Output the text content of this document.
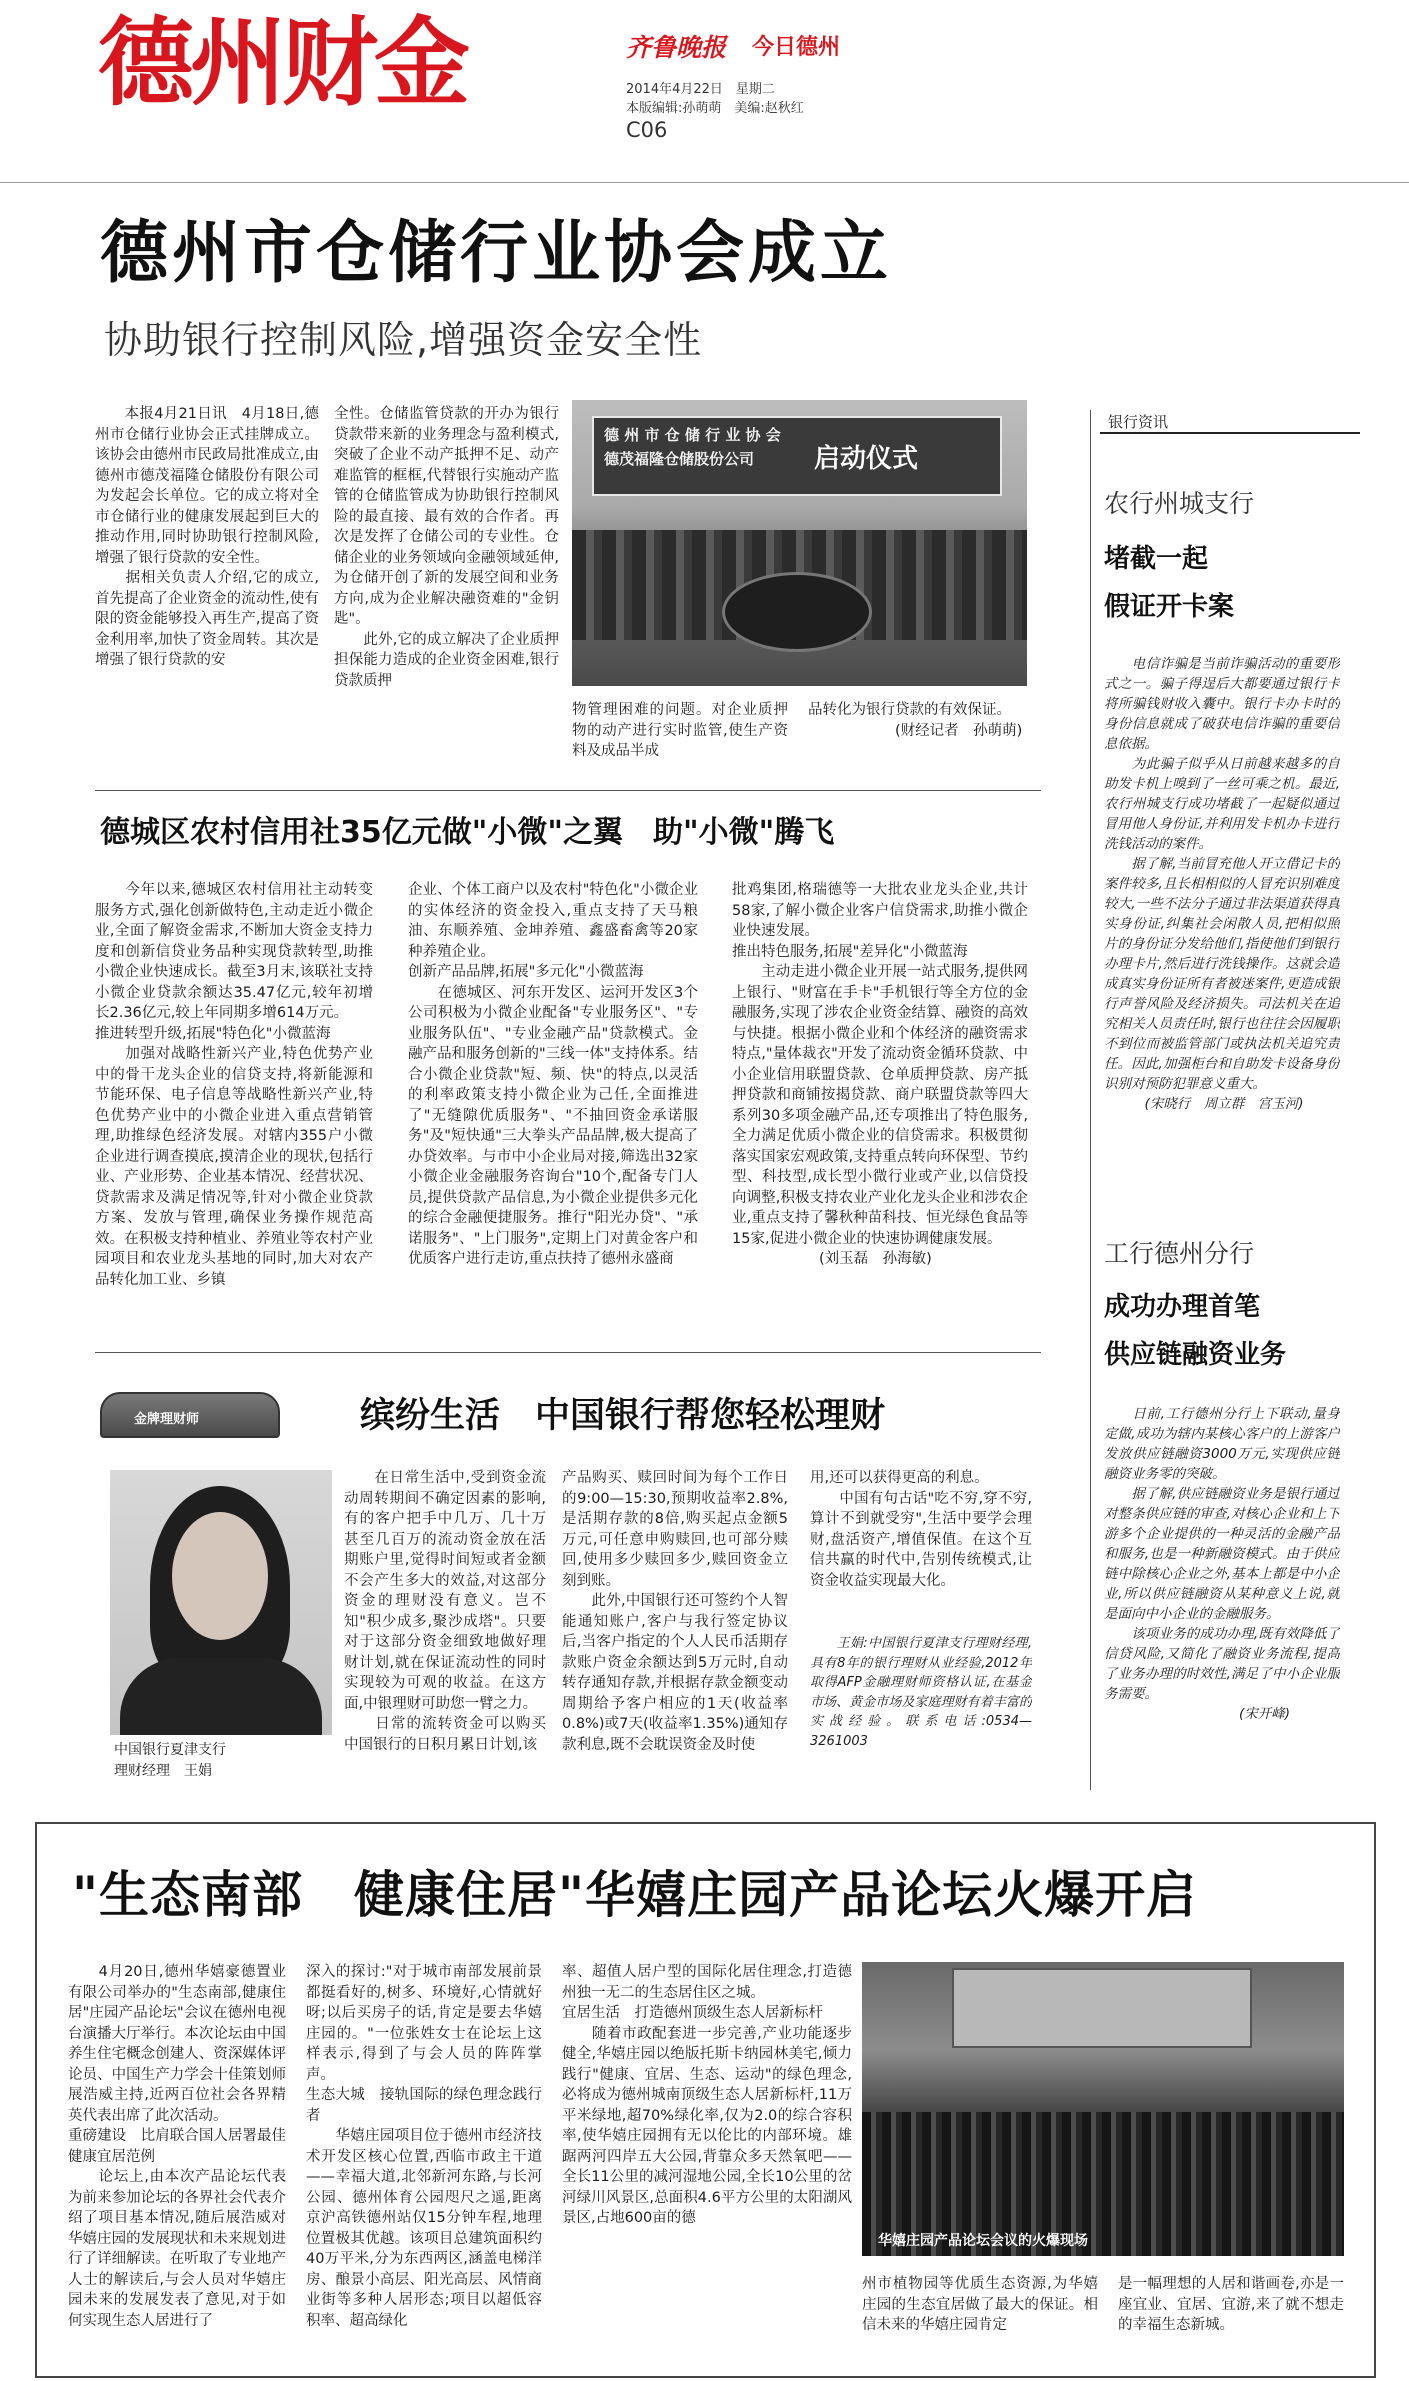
德州财金	齐鲁晚报 今日德州
2014年4月22日　星期二
本版编辑:孙萌萌　美编:赵秋红
C06
德州市仓储行业协会成立
协助银行控制风险,增强资金安全性
　　本报4月21日讯　4月18日,德州市仓储行业协会正式挂牌成立。该协会由德州市民政局批准成立,由德州市德茂福隆仓储股份有限公司为发起会长单位。它的成立将对全市仓储行业的健康发展起到巨大的推动作用,同时协助银行控制风险,增强了银行贷款的安全性。
　　据相关负责人介绍,它的成立,首先提高了企业资金的流动性,使有限的资金能够投入再生产,提高了资金利用率,加快了资金周转。其次是增强了银行贷款的安
全性。仓储监管贷款的开办为银行贷款带来新的业务理念与盈利模式,突破了企业不动产抵押不足、动产难监管的框框,代替银行实施动产监管的仓储监管成为协助银行控制风险的最直接、最有效的合作者。再次是发挥了仓储公司的专业性。仓储企业的业务领域向金融领域延伸,为仓储开创了新的发展空间和业务方向,成为企业解决融资难的"金钥匙"。
　　此外,它的成立解决了企业质押担保能力造成的企业资金困难,银行贷款质押
德 州 市 仓 储 行 业 协 会
德茂福隆仓储股份公司 启动仪式
物管理困难的问题。对企业质押物的动产进行实时监管,使生产资料及成品半成
品转化为银行贷款的有效保证。
　　　　　　(财经记者　孙萌萌)
德城区农村信用社35亿元做"小微"之翼　助"小微"腾飞
　　今年以来,德城区农村信用社主动转变服务方式,强化创新做特色,主动走近小微企业,全面了解资金需求,不断加大资金支持力度和创新信贷业务品种实现贷款转型,助推小微企业快速成长。截至3月末,该联社支持小微企业贷款余额达35.47亿元,较年初增长2.36亿元,较上年同期多增614万元。
推进转型升级,拓展"特色化"小微蓝海
　　加强对战略性新兴产业,特色优势产业中的骨干龙头企业的信贷支持,将新能源和节能环保、电子信息等战略性新兴产业,特色优势产业中的小微企业进入重点营销管理,助推绿色经济发展。对辖内355户小微企业进行调查摸底,摸清企业的现状,包括行业、产业形势、企业基本情况、经营状况、贷款需求及满足情况等,针对小微企业贷款方案、发放与管理,确保业务操作规范高效。在积极支持种植业、养殖业等农村产业园项目和农业龙头基地的同时,加大对农产品转化加工业、乡镇
企业、个体工商户以及农村"特色化"小微企业的实体经济的资金投入,重点支持了天马粮油、东顺养殖、金坤养殖、鑫盛畜禽等20家种养殖企业。
创新产品品牌,拓展"多元化"小微蓝海
　　在德城区、河东开发区、运河开发区3个公司积极为小微企业配备"专业服务区"、"专业服务队伍"、"专业金融产品"贷款模式。金融产品和服务创新的"三线一体"支持体系。结合小微企业贷款"短、频、快"的特点,以灵活的利率政策支持小微企业为己任,全面推进了"无缝隙优质服务"、"不抽回资金承诺服务"及"短快通"三大拳头产品品牌,极大提高了办贷效率。与市中小企业局对接,筛选出32家小微企业金融服务咨询台"10个,配备专门人员,提供贷款产品信息,为小微企业提供多元化的综合金融便捷服务。推行"阳光办贷"、"承诺服务"、"上门服务",定期上门对黄金客户和优质客户进行走访,重点扶持了德州永盛商
批鸡集团,格瑞德等一大批农业龙头企业,共计58家,了解小微企业客户信贷需求,助推小微企业快速发展。
推出特色服务,拓展"差异化"小微蓝海
　　主动走进小微企业开展一站式服务,提供网上银行、"财富在手卡"手机银行等全方位的金融服务,实现了涉农企业资金结算、融资的高效与快捷。根据小微企业和个体经济的融资需求特点,"量体裁衣"开发了流动资金循环贷款、中小企业信用联盟贷款、仓单质押贷款、房产抵押贷款和商铺按揭贷款、商户联盟贷款等四大系列30多项金融产品,还专项推出了特色服务,全力满足优质小微企业的信贷需求。积极贯彻落实国家宏观政策,支持重点转向环保型、节约型、科技型,成长型小微行业或产业,以信贷投向调整,积极支持农业产业化龙头企业和涉农企业,重点支持了馨秋种苗科技、恒光绿色食品等15家,促进小微企业的快速协调健康发展。
　　　　　　(刘玉磊　孙海敏)
金牌理财师	缤纷生活　中国银行帮您轻松理财
中国银行夏津支行
理财经理　王娟
　　在日常生活中,受到资金流动周转期间不确定因素的影响,有的客户把手中几万、几十万甚至几百万的流动资金放在活期账户里,觉得时间短或者金额不会产生多大的效益,对这部分资金的理财没有意义。岂不知"积少成多,聚沙成塔"。只要对于这部分资金细致地做好理财计划,就在保证流动性的同时实现较为可观的收益。在这方面,中银理财可助您一臂之力。
　　日常的流转资金可以购买中国银行的日积月累日计划,该
产品购买、赎回时间为每个工作日的9:00—15:30,预期收益率2.8%,是活期存款的8倍,购买起点金额5万元,可任意申购赎回,也可部分赎回,使用多少赎回多少,赎回资金立刻到账。
　　此外,中国银行还可签约个人智能通知账户,客户与我行签定协议后,当客户指定的个人人民币活期存款账户资金余额达到5万元时,自动转存通知存款,并根据存款金额变动周期给予客户相应的1天(收益率0.8%)或7天(收益率1.35%)通知存款利息,既不会耽误资金及时使
用,还可以获得更高的利息。
　　中国有句古话"吃不穷,穿不穷,算计不到就受穷",生活中要学会理财,盘活资产,增值保值。在这个互信共赢的时代中,告别传统模式,让资金收益实现最大化。
　　王娟:中国银行夏津支行理财经理,具有8年的银行理财从业经验,2012年取得AFP金融理财师资格认证,在基金市场、黄金市场及家庭理财有着丰富的实战经验。联系电话:0534—3261003
银行资讯
农行州城支行
堵截一起
假证开卡案
　　电信诈骗是当前诈骗活动的重要形式之一。骗子得逞后大都要通过银行卡将所骗钱财收入囊中。银行卡办卡时的身份信息就成了破获电信诈骗的重要信息依据。
　　为此骗子似乎从日前越来越多的自助发卡机上嗅到了一丝可乘之机。最近,农行州城支行成功堵截了一起疑似通过冒用他人身份证,并利用发卡机办卡进行洗钱活动的案件。
　　据了解,当前冒充他人开立借记卡的案件较多,且长相相似的人冒充识别难度较大,一些不法分子通过非法渠道获得真实身份证,纠集社会闲散人员,把相似照片的身份证分发给他们,指使他们到银行办理卡片,然后进行洗钱操作。这就会造成真实身份证所有者被迷案件,更造成银行声誉风险及经济损失。司法机关在追究相关人员责任时,银行也往往会因履职不到位而被监管部门或执法机关追究责任。因此,加强柜台和自助发卡设备身份识别对预防犯罪意义重大。
　　　(宋晓行　周立群　宫玉河)
工行德州分行
成功办理首笔
供应链融资业务
　　日前,工行德州分行上下联动,量身定做,成功为辖内某核心客户的上游客户发放供应链融资3000万元,实现供应链融资业务零的突破。
　　据了解,供应链融资业务是银行通过对整条供应链的审查,对核心企业和上下游多个企业提供的一种灵活的金融产品和服务,也是一种新融资模式。由于供应链中除核心企业之外,基本上都是中小企业,所以供应链融资从某种意义上说,就是面向中小企业的金融服务。
　　该项业务的成功办理,既有效降低了信贷风险,又简化了融资业务流程,提高了业务办理的时效性,满足了中小企业服务需要。
　　　　　　　　　　(宋开峰)
"生态南部　健康住居"华嬉庄园产品论坛火爆开启
　　4月20日,德州华嬉豪德置业有限公司举办的"生态南部,健康住居"庄园产品论坛"会议在德州电视台演播大厅举行。本次论坛由中国养生住宅概念创建人、资深媒体评论员、中国生产力学会十佳策划师展浩威主持,近两百位社会各界精英代表出席了此次活动。
重磅建设　比肩联合国人居署最佳健康宜居范例
　　论坛上,由本次产品论坛代表为前来参加论坛的各界社会代表介绍了项目基本情况,随后展浩威对华嬉庄园的发展现状和未来规划进行了详细解读。在听取了专业地产人士的解读后,与会人员对华嬉庄园未来的发展发表了意见,对于如何实现生态人居进行了
深入的探讨:"对于城市南部发展前景都挺看好的,树多、环境好,心情就好呀;以后买房子的话,肯定是要去华嬉庄园的。"一位张姓女士在论坛上这样表示,得到了与会人员的阵阵掌声。
生态大城　接轨国际的绿色理念践行者
　　华嬉庄园项目位于德州市经济技术开发区核心位置,西临市政主干道——幸福大道,北邻新河东路,与长河公园、德州体育公园咫尺之遥,距离京沪高铁德州站仅15分钟车程,地理位置极其优越。该项目总建筑面积约40万平米,分为东西两区,涵盖电梯洋房、酿景小高层、阳光高层、风情商业街等多种人居形态;项目以超低容积率、超高绿化
率、超值人居户型的国际化居住理念,打造德州独一无二的生态居住区之城。
宜居生活　打造德州顶级生态人居新标杆
　　随着市政配套进一步完善,产业功能逐步健全,华嬉庄园以绝版托斯卡纳园林美宅,倾力践行"健康、宜居、生态、运动"的绿色理念,必将成为德州城南顶级生态人居新标杆,11万平米绿地,超70%绿化率,仅为2.0的综合容积率,使华嬉庄园拥有无以伦比的内部环境。雄踞两河四岸五大公园,背靠众多天然氧吧——全长11公里的减河湿地公园,全长10公里的岔河绿川风景区,总面积4.6平方公里的太阳湖风景区,占地600亩的德
华嬉庄园产品论坛会议的火爆现场
州市植物园等优质生态资源,为华嬉庄园的生态宜居做了最大的保证。相信未来的华嬉庄园肯定
是一幅理想的人居和谐画卷,亦是一座宜业、宜居、宜游,来了就不想走的幸福生态新城。
